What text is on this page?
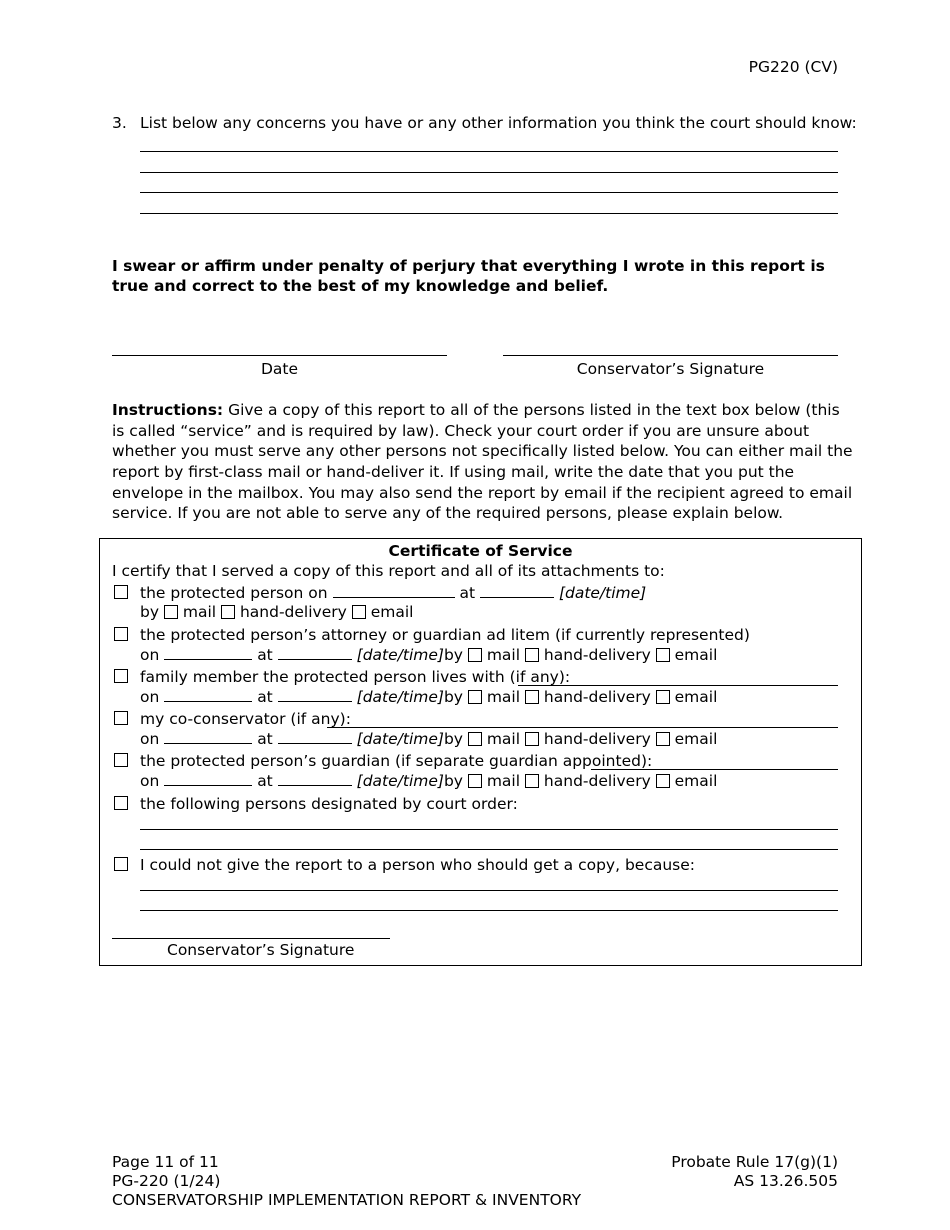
PG220 (CV)
3. List below any concerns you have or any other information you think the court should know:
I swear or affirm under penalty of perjury that everything I wrote in this report is
true and correct to the best of my knowledge and belief.
Date	Conservator’s Signature
Instructions: Give a copy of this report to all of the persons listed in the text box below (this
is called “service” and is required by law). Check your court order if you are unsure about
whether you must serve any other persons not specifically listed below. You can either mail the
report by first-class mail or hand-deliver it. If using mail, write the date that you put the
envelope in the mailbox. You may also send the report by email if the recipient agreed to email
service. If you are not able to serve any of the required persons, please explain below.
Certificate of Service
I certify that I served a copy of this report and all of its attachments to:
the protected person on	at	[date/time]
by mail hand-delivery email
the protected person’s attorney or guardian ad litem (if currently represented)
on	at	[date/time]by mail hand-delivery email
family member the protected person lives with (if any):
on	at	[date/time]by mail hand-delivery email
my co-conservator (if any):
on	at	[date/time]by mail hand-delivery email
the protected person’s guardian (if separate guardian appointed):
on	at	[date/time]by mail hand-delivery email
the following persons designated by court order:
I could not give the report to a person who should get a copy, because:
Conservator’s Signature
Page 11 of 11
PG-220 (1/24)
CONSERVATORSHIP IMPLEMENTATION REPORT & INVENTORY
Probate Rule 17(g)(1)
AS 13.26.505
